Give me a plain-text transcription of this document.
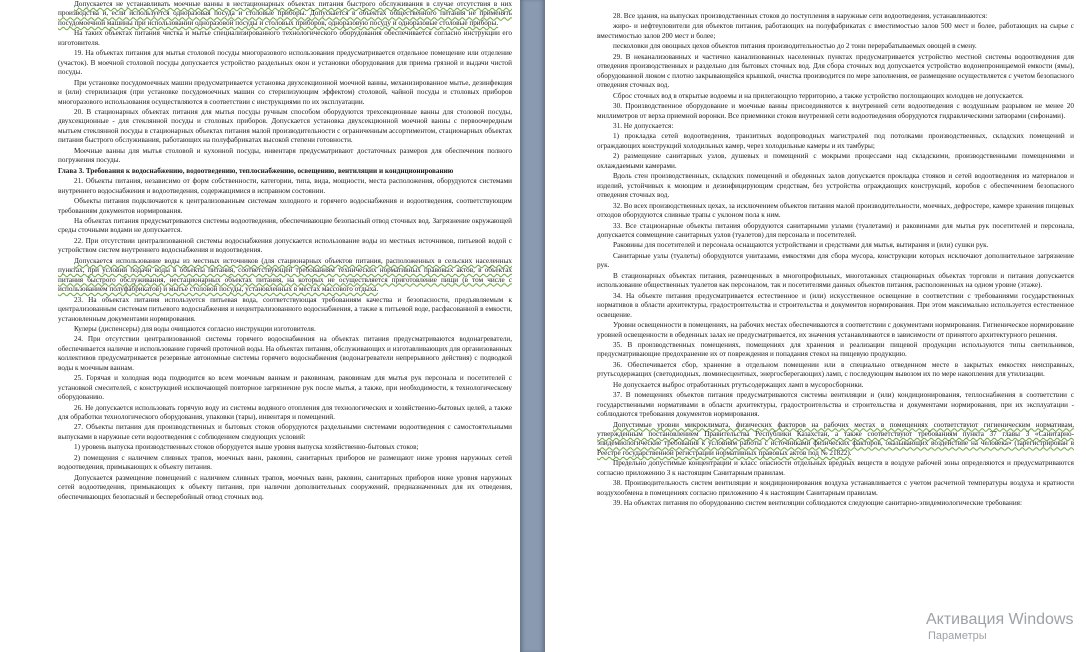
Допускается не устанавливать моечные ванны в нестационарных объектах питания быстрого обслуживания в случае отсутствия в них производства и, если используется одноразовая посуда и столовые приборы. Допускается в объектах общественного питания не применять посудомоечной машины при использовании одноразовой посуды и столовых приборов, одноразовую посуду и одноразовые столовые приборы.

На таких объектах питания чистка и мытье специализированного технологического оборудования обеспечивается согласно инструкции его изготовителя.

19. На объектах питания для мытья столовой посуды многоразового использования предусматривается отдельное помещение или отделение (участок). В моечной столовой посуды допускается устройство раздельных окон и установки оборудования для приема грязной и выдачи чистой посуды.

При установке посудомоечных машин предусматривается установка двухсекционной моечной ванны, механизированное мытье, дезинфекция и (или) стерилизация (при установке посудомоечных машин со стерилизующим эффектом) столовой, чайной посуды и столовых приборов многоразового использования осуществляются в соответствии с инструкциями по их эксплуатации.

20. В стационарных объектах питания для мытья посуды ручным способом оборудуются трехсекционные ванны для столовой посуды, двухсекционные - для стеклянной посуды и столовых приборов. Допускается установка двухсекционной моечной ванны с первоочередным мытьем стеклянной посуды в стационарных объектах питания малой производительности с ограниченным ассортиментом, стационарных объектах питания быстрого обслуживания, работающих на полуфабрикатах высокой степени готовности.

Моечные ванны для мытья столовой и кухонной посуды, инвентаря предусматривают достаточных размеров для обеспечения полного погружения посуды.

Глава 3. Требования к водоснабжению, водоотведению, теплоснабжению, освещению, вентиляции и кондиционированию

21. Объекты питания, независимо от форм собственности, категории, типа, вида, мощности, места расположения, оборудуются системами внутреннего водоснабжения и водоотведения, содержащимися в исправном состоянии.

Объекты питания подключаются к централизованным системам холодного и горячего водоснабжения и водоотведения, соответствующим требованиям документов нормирования.

На объектах питания предусматриваются системы водоотведения, обеспечивающие безопасный отвод сточных вод. Загрязнение окружающей среды сточными водами не допускается.

22. При отсутствии централизованной системы водоснабжения допускается использование воды из местных источников, питьевой водой с устройством систем внутреннего водоснабжения и водоотведения.

Допускается использование воды из местных источников (для стационарных объектов питания, расположенных в сельских населенных пунктах, при условии подачи воды в объекты питания, соответствующей требованиям технических нормативных правовых актов, в объектах питания быстрого обслуживания, нестационарных объектах питания, на которых не осуществляется приготовление пищи (в том числе с использованием полуфабрикатов) и мытье столовой посуды, установленных в местах массового отдыха.

23. На объектах питания используется питьевая вода, соответствующая требованиям качества и безопасности, предъявляемым к централизованным системам питьевого водоснабжения и нецентрализованного водоснабжения, а также к питьевой воде, расфасованной в емкости, установленным документами нормирования.

Кулеры (диспенсеры) для воды очищаются согласно инструкции изготовителя.

24. При отсутствии централизованной системы горячего водоснабжения на объектах питания предусматриваются водонагреватели, обеспечивается наличие и использование горячей проточной воды. На объектах питания, обслуживающих и изготавливающих для организованных коллективов предусматривается резервные автономные системы горячего водоснабжения (водонагреватели непрерывного действия) с подводкой воды к моечным ваннам.

25. Горячая и холодная вода подводится ко всем моечным ваннам и раковинам, раковинам для мытья рук персонала и посетителей с установкой смесителей, с конструкцией исключающей повторное загрязнение рук после мытья, а также, при необходимости, к технологическому оборудованию.

26. Не допускается использовать горячую воду из системы водяного отопления для технологических и хозяйственно-бытовых целей, а также для обработки технологического оборудования, упаковки (тары), инвентаря и помещений.

27. Объекты питания для производственных и бытовых стоков оборудуются раздельными системами водоотведения с самостоятельными выпусками в наружные сети водоотведения с соблюдением следующих условий:

1) уровень выпуска производственных стоков оборудуется выше уровня выпуска хозяйственно-бытовых стоков;

2) помещения с наличием сливных трапов, моечных ванн, раковин, санитарных приборов не размещают ниже уровня наружных сетей водоотведения, примыкающих к объекту питания.

Допускается размещение помещений с наличием сливных трапов, моечных ванн, раковин, санитарных приборов ниже уровня наружных сетей водоотведения, примыкающих к объекту питания, при наличии дополнительных сооружений, предназначенных для их отведения, обеспечивающих безопасный и бесперебойный отвод сточных вод.

28. Все здания, на выпусках производственных стоков до поступления в наружные сети водоотведения, устанавливаются:

жиро- и нефтеуловители для объектов питания, работающих на полуфабрикатах с вместимостью залов 500 мест и более, работающих на сырье с вместимостью залов 200 мест и более;

песколовки для овощных цехов объектов питания производительностью до 2 тонн перерабатываемых овощей в смену.

29. В неканализованных и частично канализованных населенных пунктах предусматривается устройство местной системы водоотведения для отведения производственных и раздельно для бытовых сточных вод. Для сбора сточных вод допускается устройство водонепроницаемой емкости (ямы), оборудованной люком с плотно закрывающейся крышкой, очистка производится по мере заполнения, ее размещение осуществляется с учетом безопасного отведения сточных вод.

Сброс сточных вод в открытые водоемы и на прилегающую территорию, а также устройство поглощающих колодцев не допускается.

30. Производственное оборудование и моечные ванны присоединяются к внутренней сети водоотведения с воздушным разрывом не менее 20 миллиметров от верха приемной воронки. Все приемники стоков внутренней сети водоотведения оборудуются гидравлическими затворами (сифонами).

31. Не допускается:

1) прокладка сетей водоотведения, транзитных водопроводных магистралей под потолками производственных, складских помещений и ограждающих конструкций холодильных камер, через холодильные камеры и их тамбуры;

2) размещение санитарных узлов, душевых и помещений с мокрыми процессами над складскими, производственными помещениями и охлаждаемыми камерами.

Вдоль стен производственных, складских помещений и обеденных залов допускается прокладка стояков и сетей водоотведения из материалов и изделий, устойчивых к моющим и дезинфицирующим средствам, без устройства ограждающих конструкций, коробов с обеспечением безопасного отведения сточных вод.

32. Во всех производственных цехах, за исключением объектов питания малой производительности, моечных, дефростере, камере хранения пищевых отходов оборудуются сливные трапы с уклоном пола к ним.

33. Все стационарные объекты питания оборудуются санитарными узлами (туалетами) и раковинами для мытья рук посетителей и персонала, допускается совмещение санитарных узлов (туалетов) для персонала и посетителей.

Раковины для посетителей и персонала оснащаются устройствами и средствами для мытья, вытирания и (или) сушки рук.

Санитарные узлы (туалеты) оборудуются унитазами, емкостями для сбора мусора, конструкции которых исключают дополнительное загрязнение рук.

В стационарных объектах питания, размещенных в многопрофильных, многотажных стационарных объектах торговли и питания допускается использование общественных туалетов как персоналом, так и посетителями данных объектов питания, расположенных на одном уровне (этаже).

34. На объекте питания предусматривается естественное и (или) искусственное освещение в соответствии с требованиями государственных нормативов в области архитектуры, градостроительства и строительства и документов нормирования. При этом максимально используется естественное освещение.

Уровни освещенности в помещениях, на рабочих местах обеспечиваются в соответствии с документами нормирования. Гигиеническое нормирование уровней освещенности в обеденных залах не предусматривается, их значения устанавливаются в зависимости от принятого архитектурного решения.

35. В производственных помещениях, помещениях для хранения и реализации пищевой продукции используются типы светильников, предусматривающие предохранение их от повреждения и попадания стекол на пищевую продукцию.

36. Обеспечивается сбор, хранение в отдельном помещении или в специально отведенном месте в закрытых емкостях неисправных, ртутьсодержащих (светодиодных, люминесцентных, энергосберегающих) ламп, с последующим вывозом их по мере накопления для утилизации.

Не допускается выброс отработанных ртутьсодержащих ламп в мусоросборники.

37. В помещениях объектов питания предусматриваются системы вентиляции и (или) кондиционирования, теплоснабжения в соответствии с государственными нормативами в области архитектуры, градостроительства и строительства и документами нормирования, при их эксплуатации - соблюдаются требования документов нормирования.

Допустимые уровни микроклимата, физических факторов на рабочих местах в помещениях соответствуют гигиеническим нормативам, утвержденным постановлением Правительства Республики Казахстан, а также соответствуют требованиям пункта 37 главы 3 «Санитарно-эпидемиологические требования к условиям работы с источниками физических факторов, оказывающих воздействие на человека» (зарегистрирован в Реестре государственной регистрации нормативных правовых актов под № 21822).

Предельно допустимые концентрации и класс опасности отдельных вредных веществ в воздухе рабочей зоны определяются и предусматриваются согласно приложению 3 к настоящим Санитарным правилам.

38. Производительность систем вентиляции и кондиционирования воздуха устанавливается с учетом расчетной температуры воздуха и кратности воздухообмена в помещениях согласно приложению 4 к настоящим Санитарным правилам.

39. На объектах питания по оборудованию систем вентиляции соблюдаются следующие санитарно-эпидемиологические требования:

Активация Windows
Параметры
